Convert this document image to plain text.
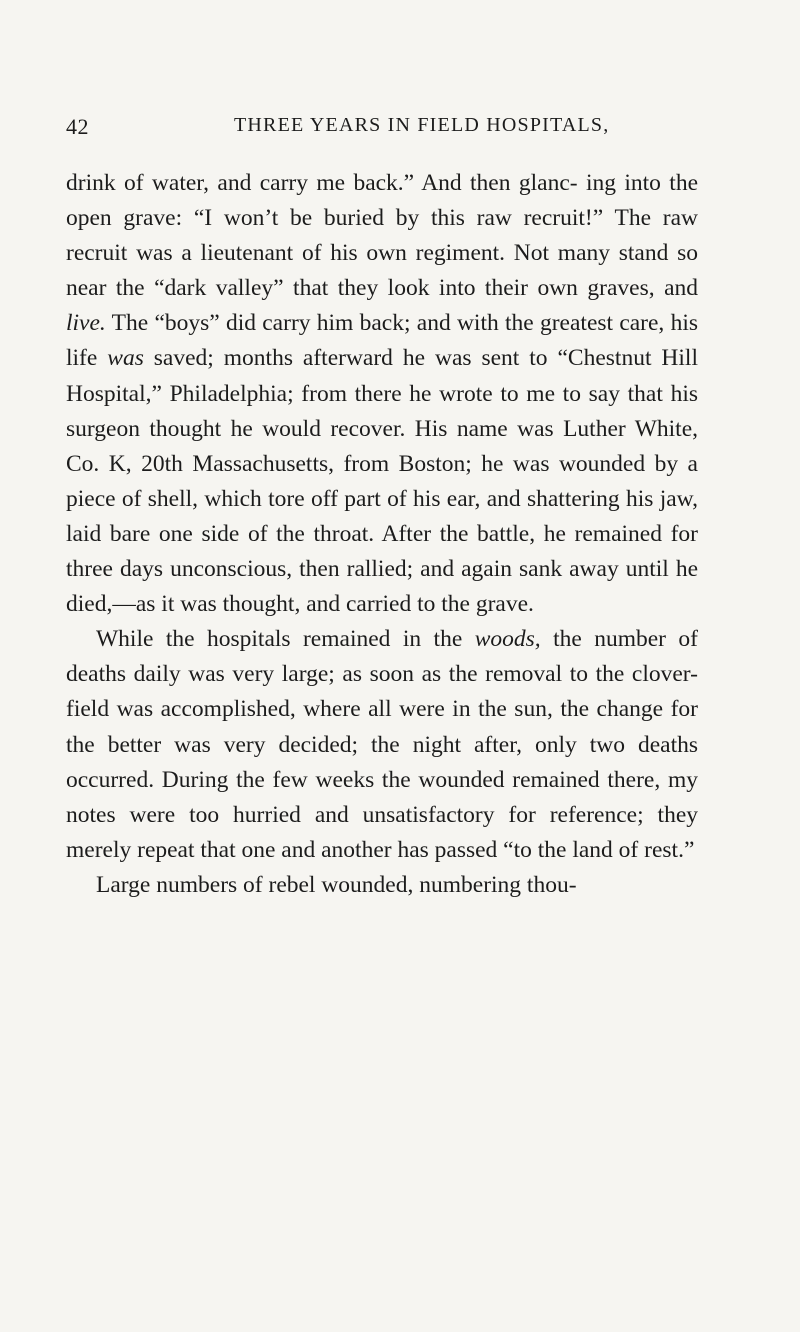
42	THREE YEARS IN FIELD HOSPITALS,

drink of water, and carry me back.” And then glanc- ing into the open grave: “I won’t be buried by this raw recruit!” The raw recruit was a lieutenant of his own regiment. Not many stand so near the “dark valley” that they look into their own graves, and live. The “boys” did carry him back; and with the greatest care, his life was saved; months afterward he was sent to “Chestnut Hill Hospital,” Philadelphia; from there he wrote to me to say that his surgeon thought he would recover. His name was Luther White, Co. K, 20th Massachusetts, from Boston; he was wounded by a piece of shell, which tore off part of his ear, and shattering his jaw, laid bare one side of the throat. After the battle, he remained for three days unconscious, then rallied; and again sank away until he died,—as it was thought, and carried to the grave.

While the hospitals remained in the woods, the number of deaths daily was very large; as soon as the removal to the clover-field was accomplished, where all were in the sun, the change for the better was very decided; the night after, only two deaths occurred. During the few weeks the wounded remained there, my notes were too hurried and unsatisfactory for reference; they merely repeat that one and another has passed “to the land of rest.”

Large numbers of rebel wounded, numbering thou-
